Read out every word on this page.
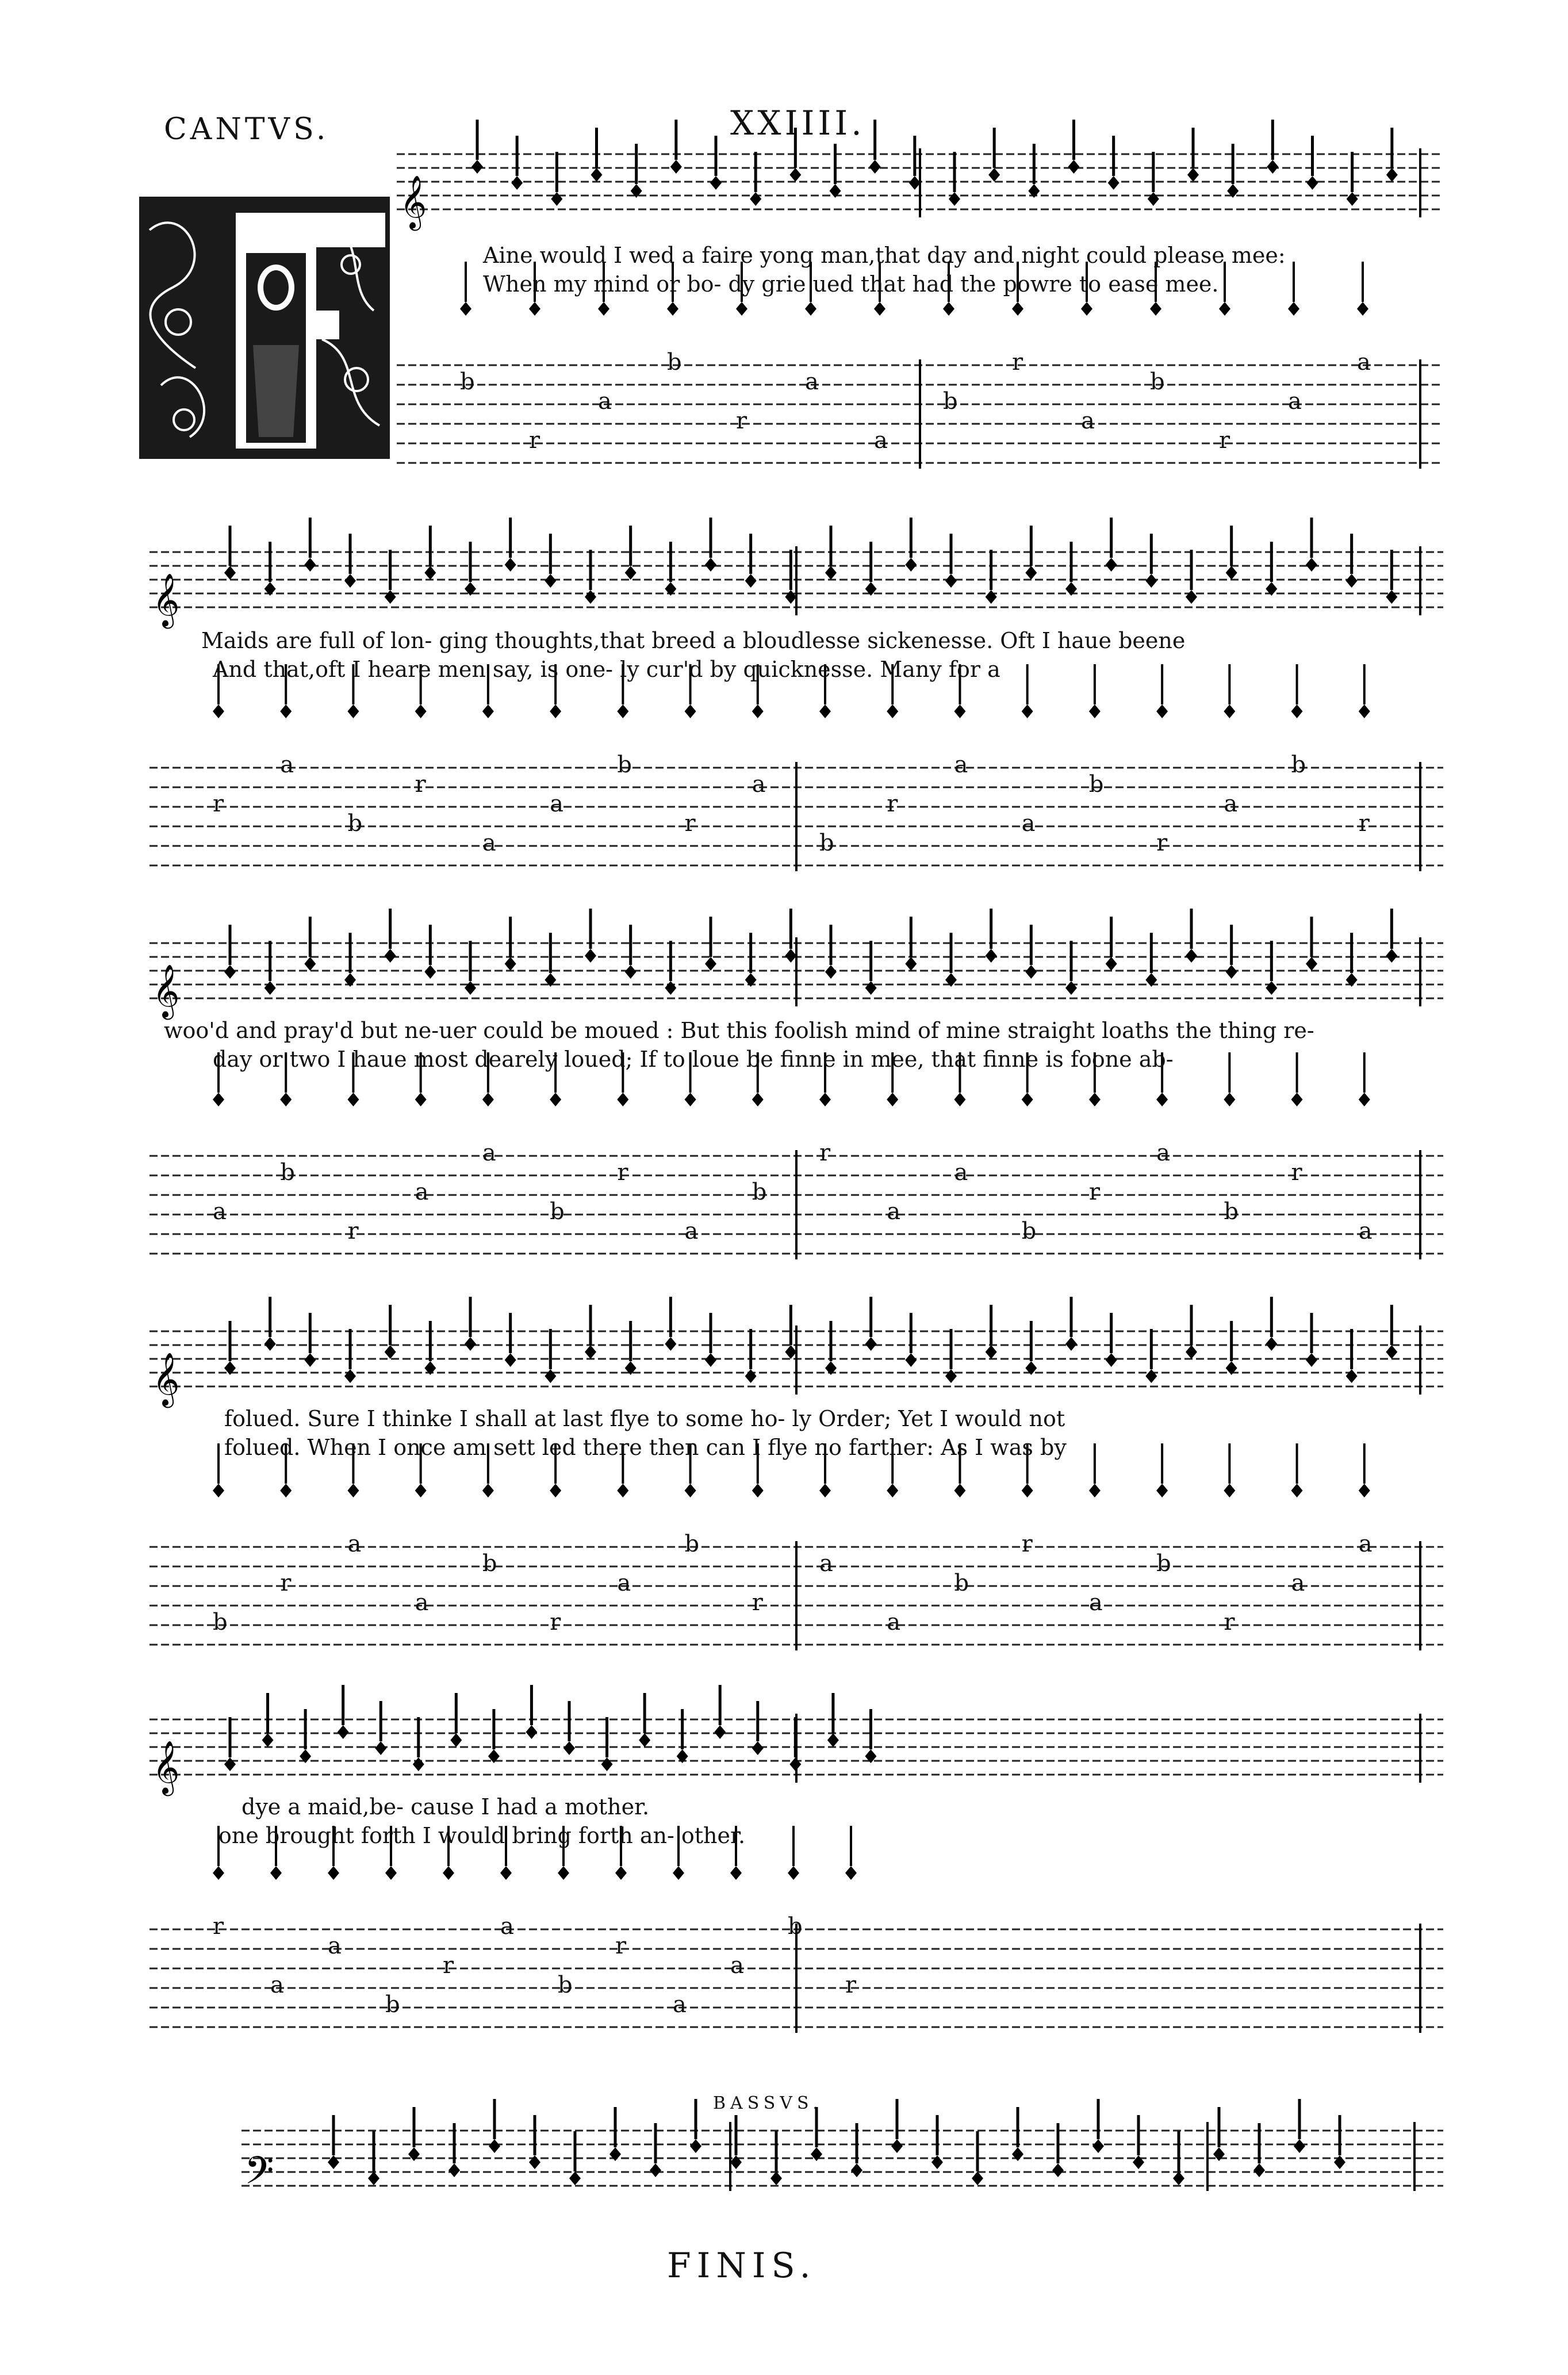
CANTVS.	XXIIII.
𝄞
b
r
a
b
r
a
a
b
r
a
b
r
a
a
𝄞
r
a
b
r
a
a
b
r
a
b
r
a
a
b
r
a
b
r
𝄞
a
b
r
a
a
b
r
a
b
r
a
a
b
r
a
b
r
a
𝄞
b
r
a
a
b
r
a
b
r
a
a
b
r
a
b
r
a
a
𝄞
r
a
a
b
r
a
b
r
a
a
b
r
𝄢
Aine would I wed a faire yong man,that day and night could please mee:
When my mind or bo- dy grie ued that had the powre to ease mee.
Maids are full of lon- ging thoughts,that breed a bloudlesse sickenesse. Oft I haue beene
And that,oft I heare men say, is one- ly cur'd by quicknesse. Many for a
woo'd and pray'd but ne-uer could be moued : But this foolish mind of mine straight loaths the thing re-
day or two I haue most dearely loued; If to loue be finne in mee, that finne is foone ab-
folued. Sure I thinke I shall at last flye to some ho- ly Order; Yet I would not
folued. When I once am sett led there then can I flye no farther: As I was by
dye a maid,be- cause I had a mother.
one brought forth I would bring forth an- other.
BASSVS.
FINIS.
